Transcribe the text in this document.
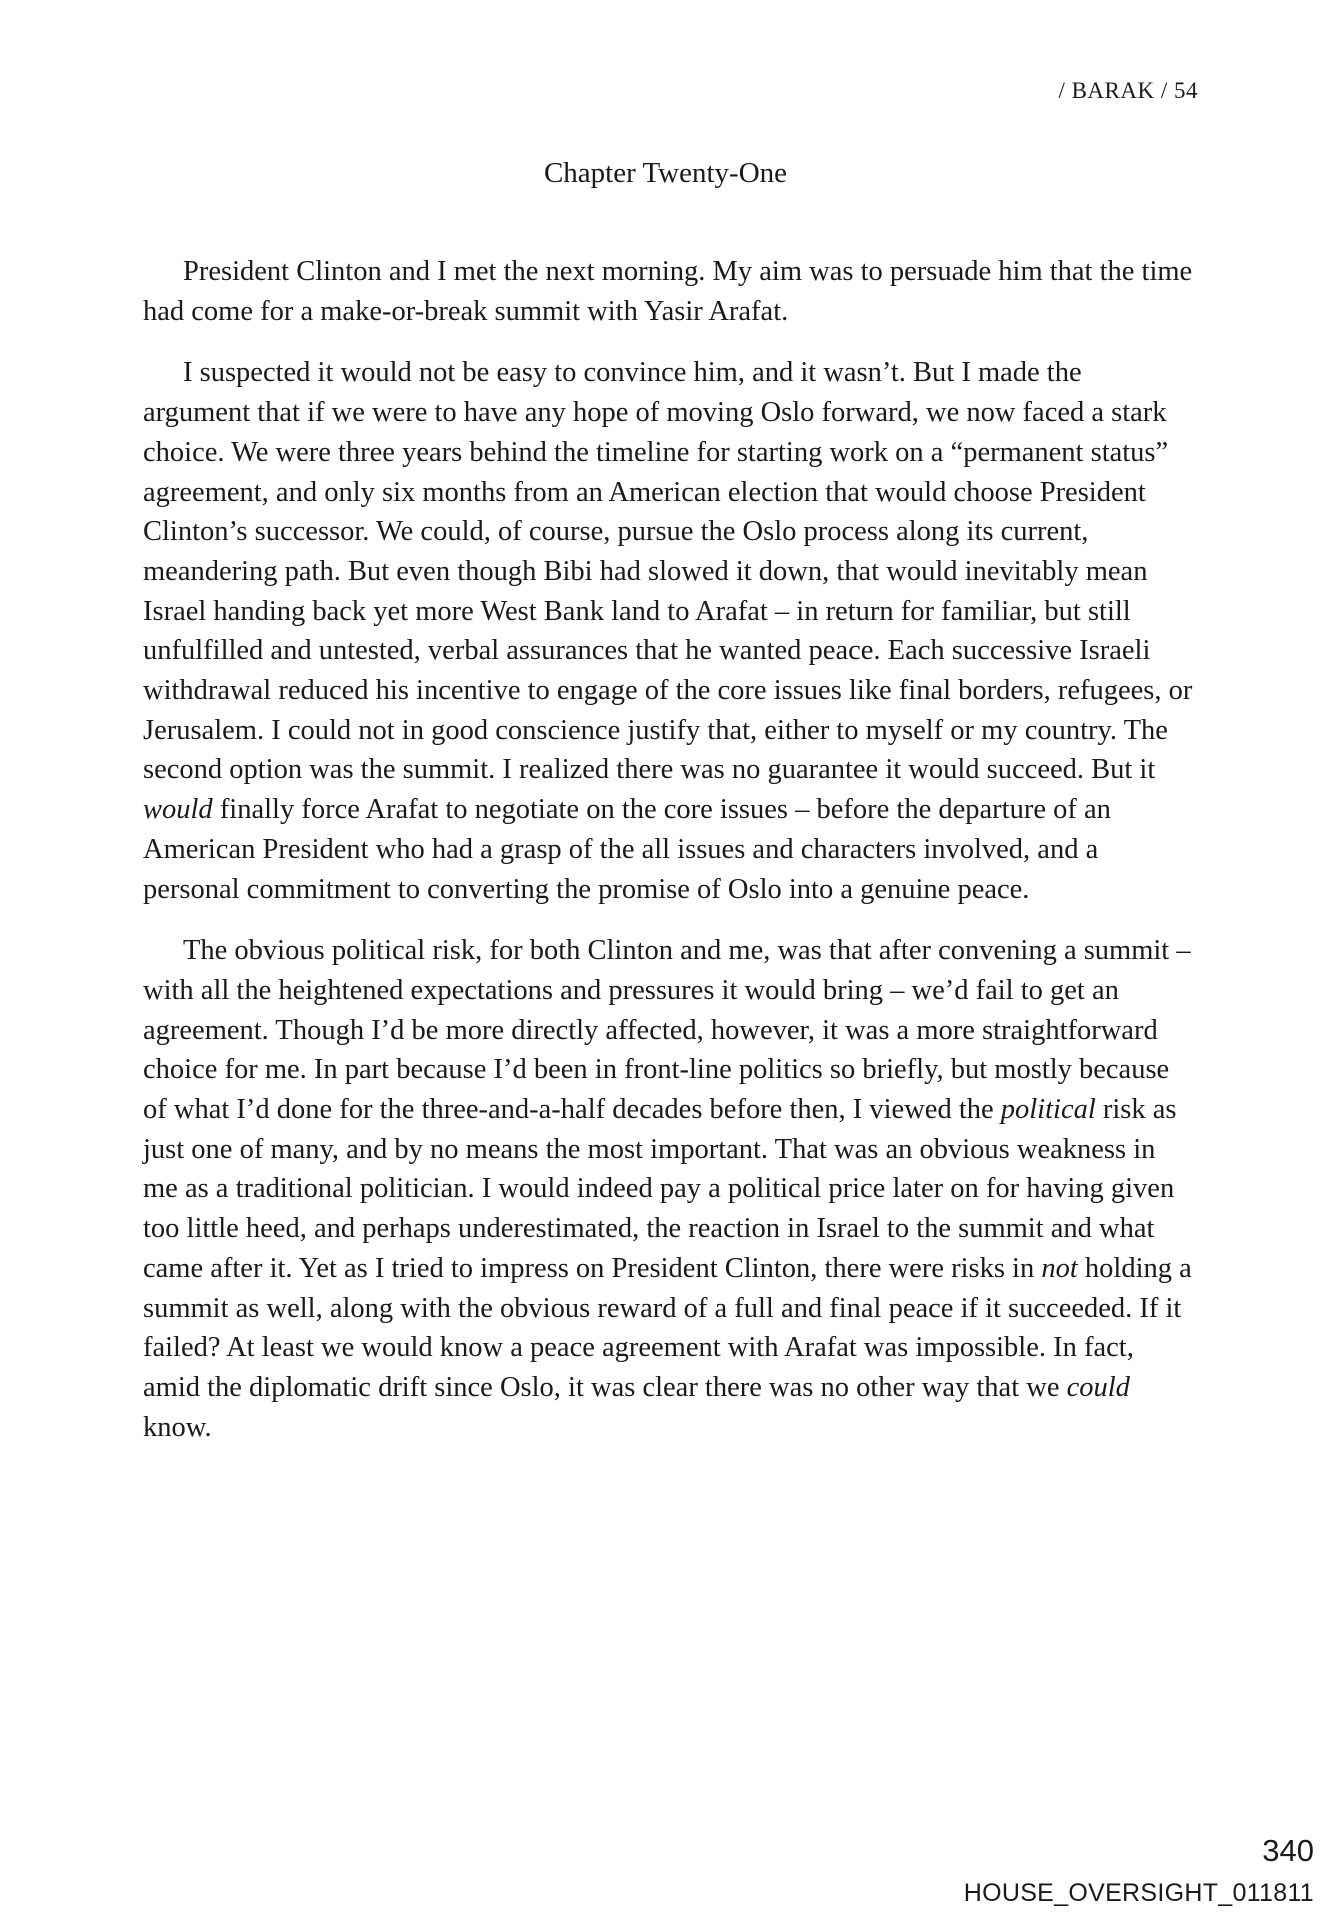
/ BARAK / 54
Chapter Twenty-One

President Clinton and I met the next morning. My aim was to persuade him that the time had come for a make-or-break summit with Yasir Arafat.

I suspected it would not be easy to convince him, and it wasn’t. But I made the argument that if we were to have any hope of moving Oslo forward, we now faced a stark choice. We were three years behind the timeline for starting work on a “permanent status” agreement, and only six months from an American election that would choose President Clinton’s successor. We could, of course, pursue the Oslo process along its current, meandering path. But even though Bibi had slowed it down, that would inevitably mean Israel handing back yet more West Bank land to Arafat – in return for familiar, but still unfulfilled and untested, verbal assurances that he wanted peace. Each successive Israeli withdrawal reduced his incentive to engage of the core issues like final borders, refugees, or Jerusalem. I could not in good conscience justify that, either to myself or my country. The second option was the summit. I realized there was no guarantee it would succeed. But it would finally force Arafat to negotiate on the core issues – before the departure of an American President who had a grasp of the all issues and characters involved, and a personal commitment to converting the promise of Oslo into a genuine peace.

The obvious political risk, for both Clinton and me, was that after convening a summit – with all the heightened expectations and pressures it would bring – we’d fail to get an agreement. Though I’d be more directly affected, however, it was a more straightforward choice for me. In part because I’d been in front-line politics so briefly, but mostly because of what I’d done for the three-and-a-half decades before then, I viewed the political risk as just one of many, and by no means the most important. That was an obvious weakness in me as a traditional politician. I would indeed pay a political price later on for having given too little heed, and perhaps underestimated, the reaction in Israel to the summit and what came after it. Yet as I tried to impress on President Clinton, there were risks in not holding a summit as well, along with the obvious reward of a full and final peace if it succeeded. If it failed? At least we would know a peace agreement with Arafat was impossible. In fact, amid the diplomatic drift since Oslo, it was clear there was no other way that we could know.

340
HOUSE_OVERSIGHT_011811
